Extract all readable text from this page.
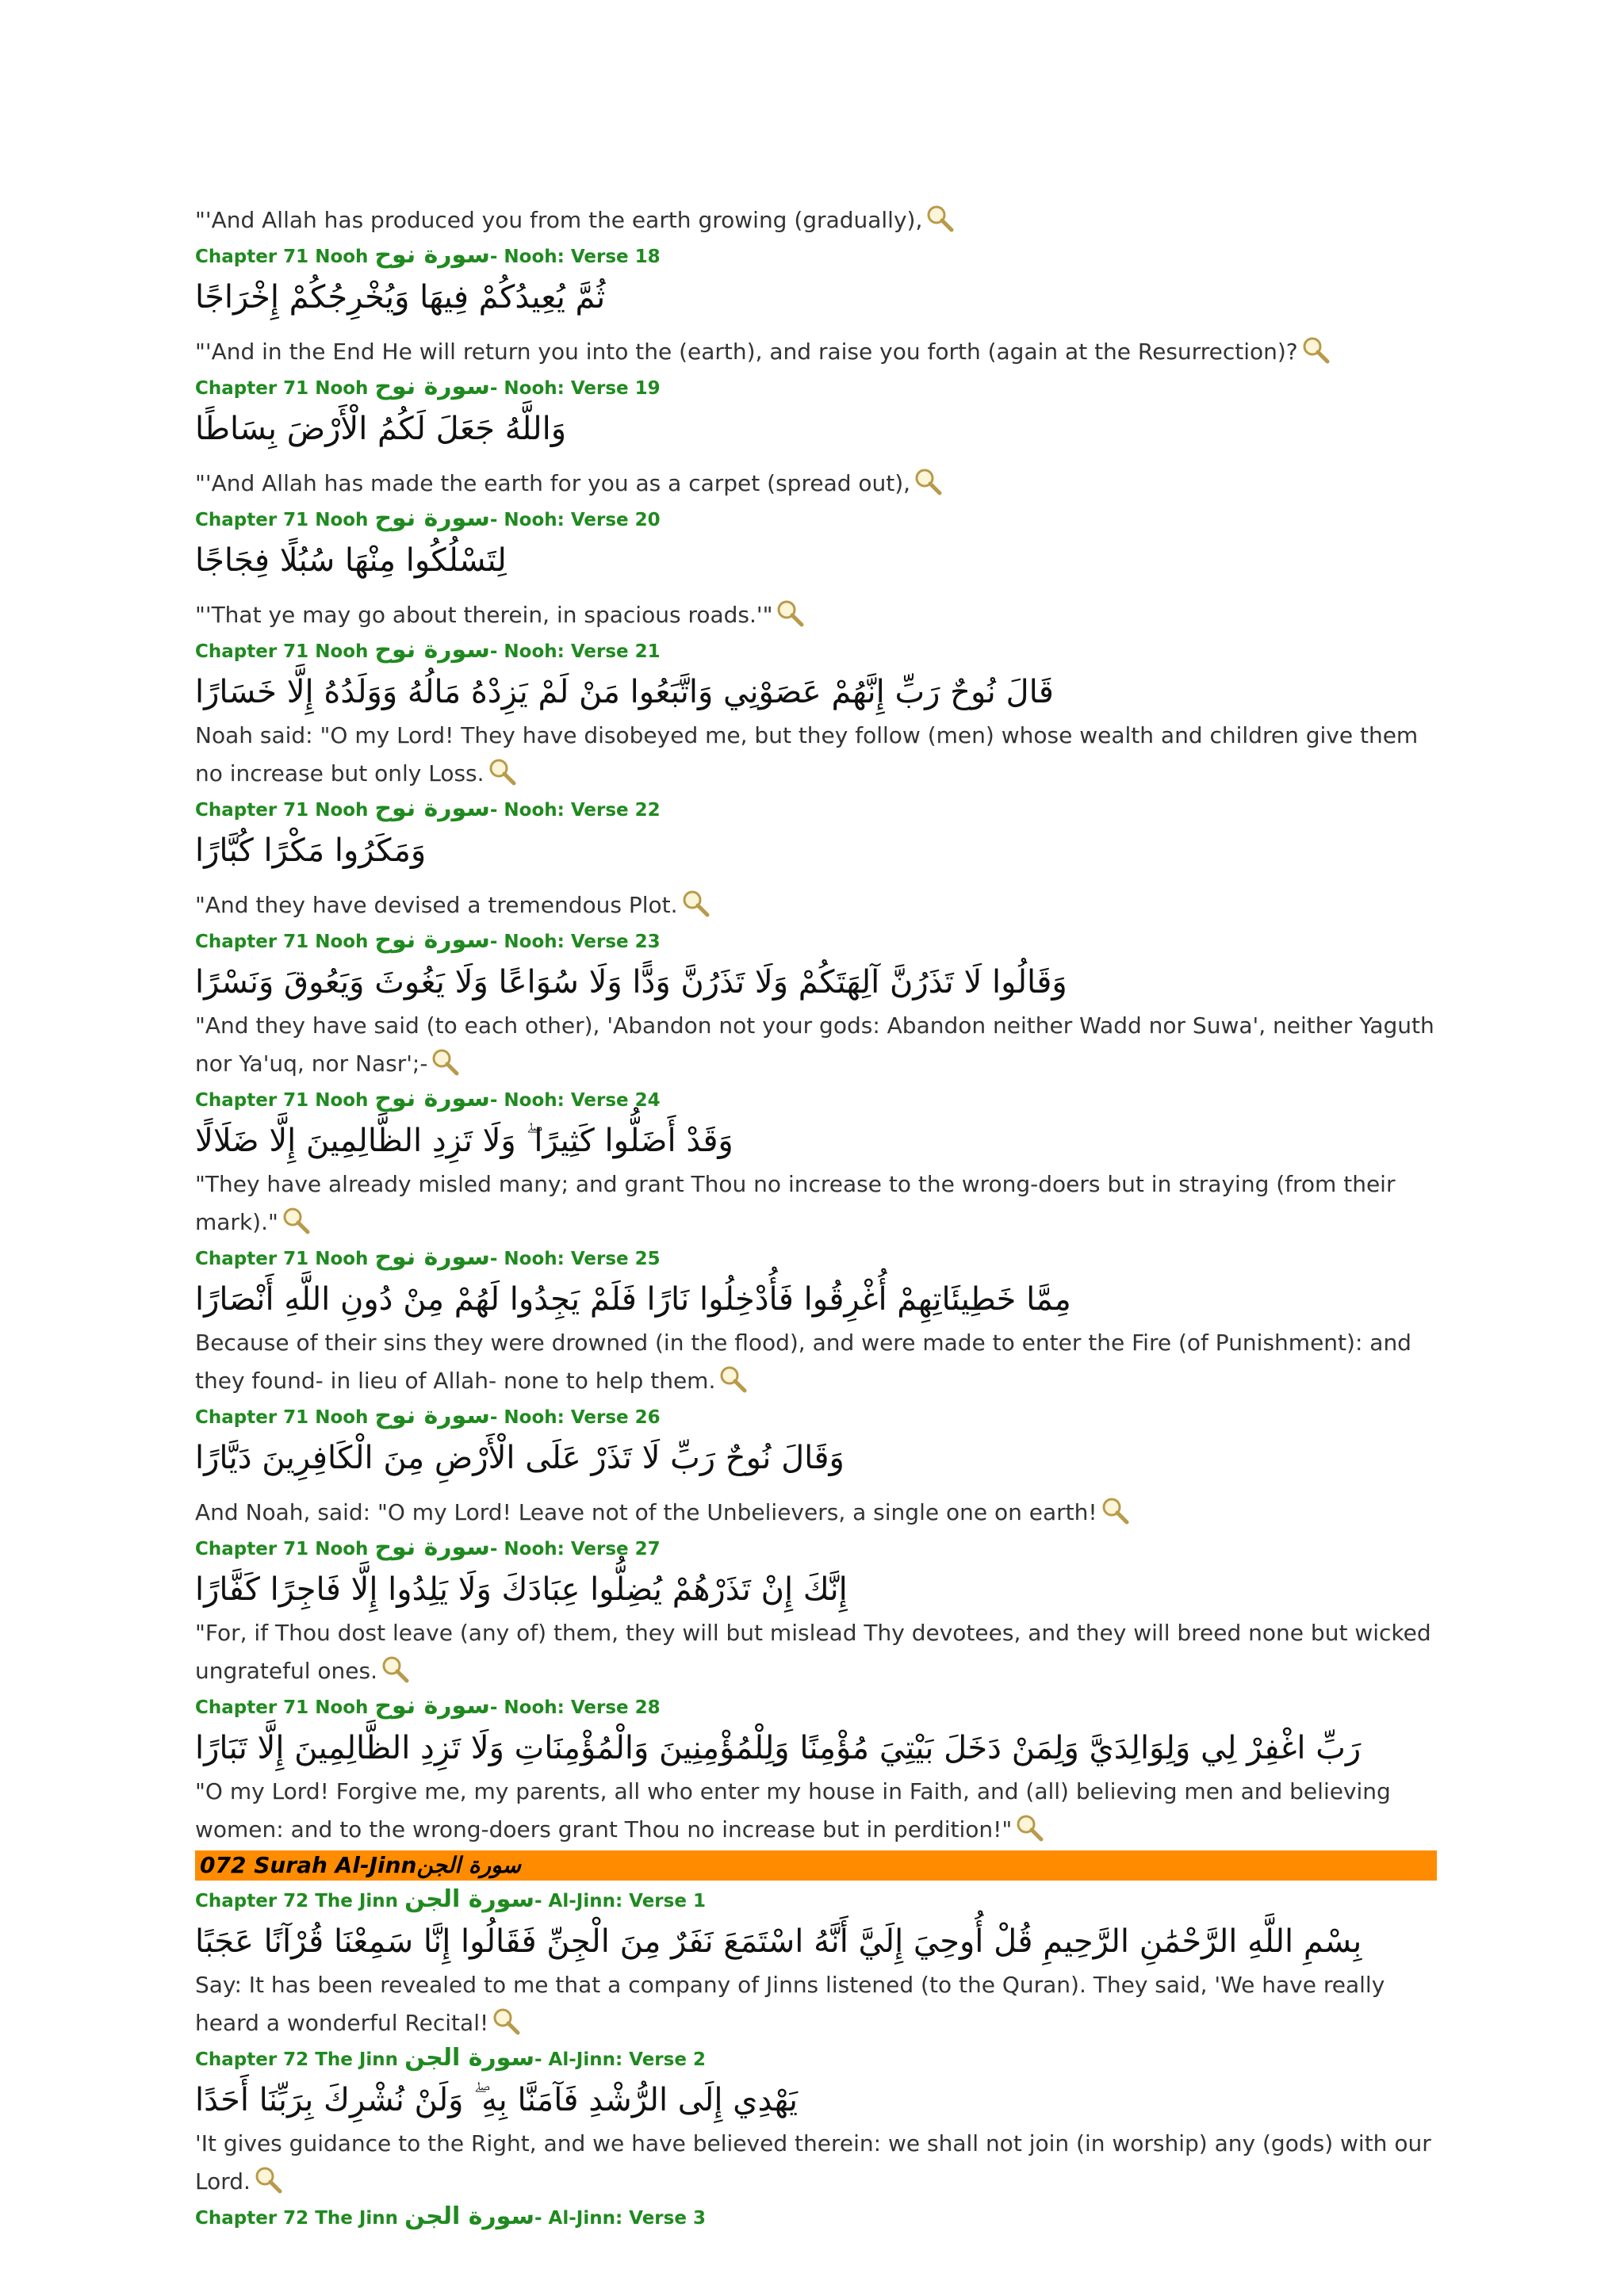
"'And Allah has produced you from the earth growing (gradually),

Chapter 71 Nooh سورة نوح- Nooh: Verse 18

ثُمَّ يُعِيدُكُمْ فِيهَا وَيُخْرِجُكُمْ إِخْرَاجًا

"'And in the End He will return you into the (earth), and raise you forth (again at the Resurrection)?

Chapter 71 Nooh سورة نوح- Nooh: Verse 19

وَاللَّهُ جَعَلَ لَكُمُ الْأَرْضَ بِسَاطًا

"'And Allah has made the earth for you as a carpet (spread out),

Chapter 71 Nooh سورة نوح- Nooh: Verse 20

لِتَسْلُكُوا مِنْهَا سُبُلًا فِجَاجًا

"'That ye may go about therein, in spacious roads.'"

Chapter 71 Nooh سورة نوح- Nooh: Verse 21

قَالَ نُوحٌ رَبِّ إِنَّهُمْ عَصَوْنِي وَاتَّبَعُوا مَنْ لَمْ يَزِدْهُ مَالُهُ وَوَلَدُهُ إِلَّا خَسَارًا

Noah said: "O my Lord! They have disobeyed me, but they follow (men) whose wealth and children give them no increase but only Loss.

Chapter 71 Nooh سورة نوح- Nooh: Verse 22

وَمَكَرُوا مَكْرًا كُبَّارًا

"And they have devised a tremendous Plot.

Chapter 71 Nooh سورة نوح- Nooh: Verse 23

وَقَالُوا لَا تَذَرُنَّ آلِهَتَكُمْ وَلَا تَذَرُنَّ وَدًّا وَلَا سُوَاعًا وَلَا يَغُوثَ وَيَعُوقَ وَنَسْرًا

"And they have said (to each other), 'Abandon not your gods: Abandon neither Wadd nor Suwa', neither Yaguth nor Ya'uq, nor Nasr';-

Chapter 71 Nooh سورة نوح- Nooh: Verse 24

وَقَدْ أَضَلُّوا كَثِيرًا ۖ وَلَا تَزِدِ الظَّالِمِينَ إِلَّا ضَلَالًا

"They have already misled many; and grant Thou no increase to the wrong-doers but in straying (from their mark)."

Chapter 71 Nooh سورة نوح- Nooh: Verse 25

مِمَّا خَطِيئَاتِهِمْ أُغْرِقُوا فَأُدْخِلُوا نَارًا فَلَمْ يَجِدُوا لَهُمْ مِنْ دُونِ اللَّهِ أَنْصَارًا

Because of their sins they were drowned (in the flood), and were made to enter the Fire (of Punishment): and they found- in lieu of Allah- none to help them.

Chapter 71 Nooh سورة نوح- Nooh: Verse 26

وَقَالَ نُوحٌ رَبِّ لَا تَذَرْ عَلَى الْأَرْضِ مِنَ الْكَافِرِينَ دَيَّارًا

And Noah, said: "O my Lord! Leave not of the Unbelievers, a single one on earth!

Chapter 71 Nooh سورة نوح- Nooh: Verse 27

إِنَّكَ إِنْ تَذَرْهُمْ يُضِلُّوا عِبَادَكَ وَلَا يَلِدُوا إِلَّا فَاجِرًا كَفَّارًا

"For, if Thou dost leave (any of) them, they will but mislead Thy devotees, and they will breed none but wicked ungrateful ones.

Chapter 71 Nooh سورة نوح- Nooh: Verse 28

رَبِّ اغْفِرْ لِي وَلِوَالِدَيَّ وَلِمَنْ دَخَلَ بَيْتِيَ مُؤْمِنًا وَلِلْمُؤْمِنِينَ وَالْمُؤْمِنَاتِ وَلَا تَزِدِ الظَّالِمِينَ إِلَّا تَبَارًا

"O my Lord! Forgive me, my parents, all who enter my house in Faith, and (all) believing men and believing women: and to the wrong-doers grant Thou no increase but in perdition!"

072 Surah Al-Jinnسورة الجن

Chapter 72 The Jinn سورة الجن- Al-Jinn: Verse 1

بِسْمِ اللَّهِ الرَّحْمَٰنِ الرَّحِيمِ قُلْ أُوحِيَ إِلَيَّ أَنَّهُ اسْتَمَعَ نَفَرٌ مِنَ الْجِنِّ فَقَالُوا إِنَّا سَمِعْنَا قُرْآنًا عَجَبًا

Say: It has been revealed to me that a company of Jinns listened (to the Quran). They said, 'We have really heard a wonderful Recital!

Chapter 72 The Jinn سورة الجن- Al-Jinn: Verse 2

يَهْدِي إِلَى الرُّشْدِ فَآمَنَّا بِهِ ۖ وَلَنْ نُشْرِكَ بِرَبِّنَا أَحَدًا

'It gives guidance to the Right, and we have believed therein: we shall not join (in worship) any (gods) with our Lord.

Chapter 72 The Jinn سورة الجن- Al-Jinn: Verse 3
